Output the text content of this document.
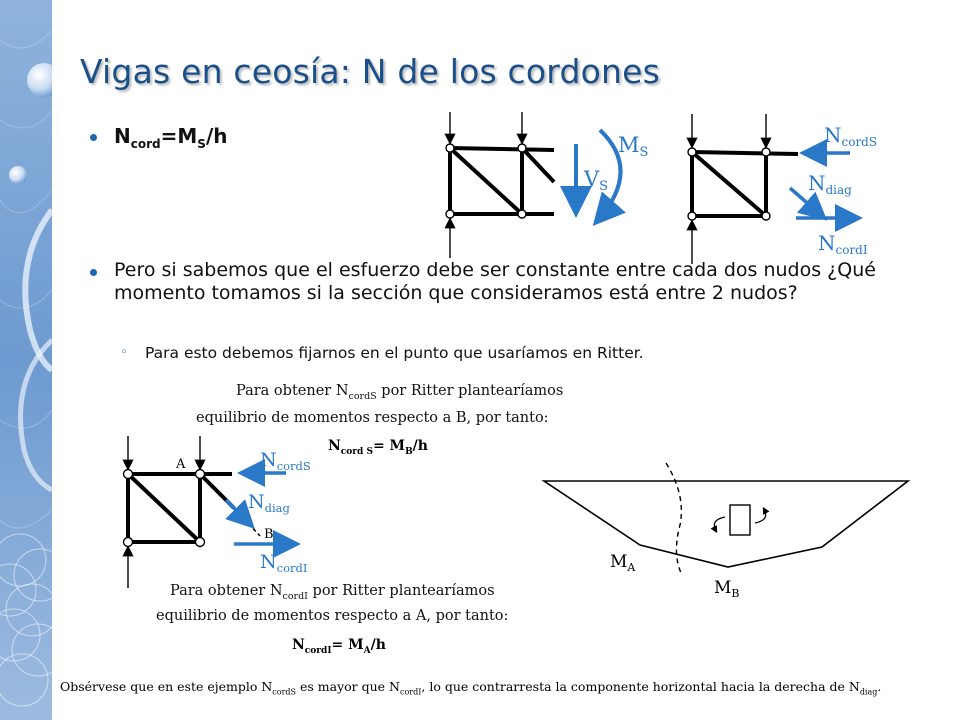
Vigas en ceosía: N de los cordones
$N_{cord}=M_S/h$	MS
VS
$N_{cordS}$
$N_{diag}$
$N_{cordI}$
Pero si sabemos que el esfuerzo debe ser constante entre cada dos nudos ¿Qué momento tomamos si la sección que consideramos está entre 2 nudos?
◦ Para esto debemos fijarnos en el punto que usaríamos en Ritter.
Para obtener $N_{cordS}$ por Ritter plantearíamos
equilibrio de momentos respecto a B, por tanto:
$N_{cord S}= M_B/h$
A
B
$N_{cordS}$
$N_{diag}$
$N_{cordI}$	$M_A$
$M_B$
Para obtener $N_{cordI}$ por Ritter plantearíamos
equilibrio de momentos respecto a A, por tanto:
$N_{cordI}= M_A/h$
Obsérvese que en este ejemplo $N_{cordS}$ es mayor que $N_{cordI}$, lo que contrarresta la componente horizontal hacia la derecha de $N_{diag}$.
